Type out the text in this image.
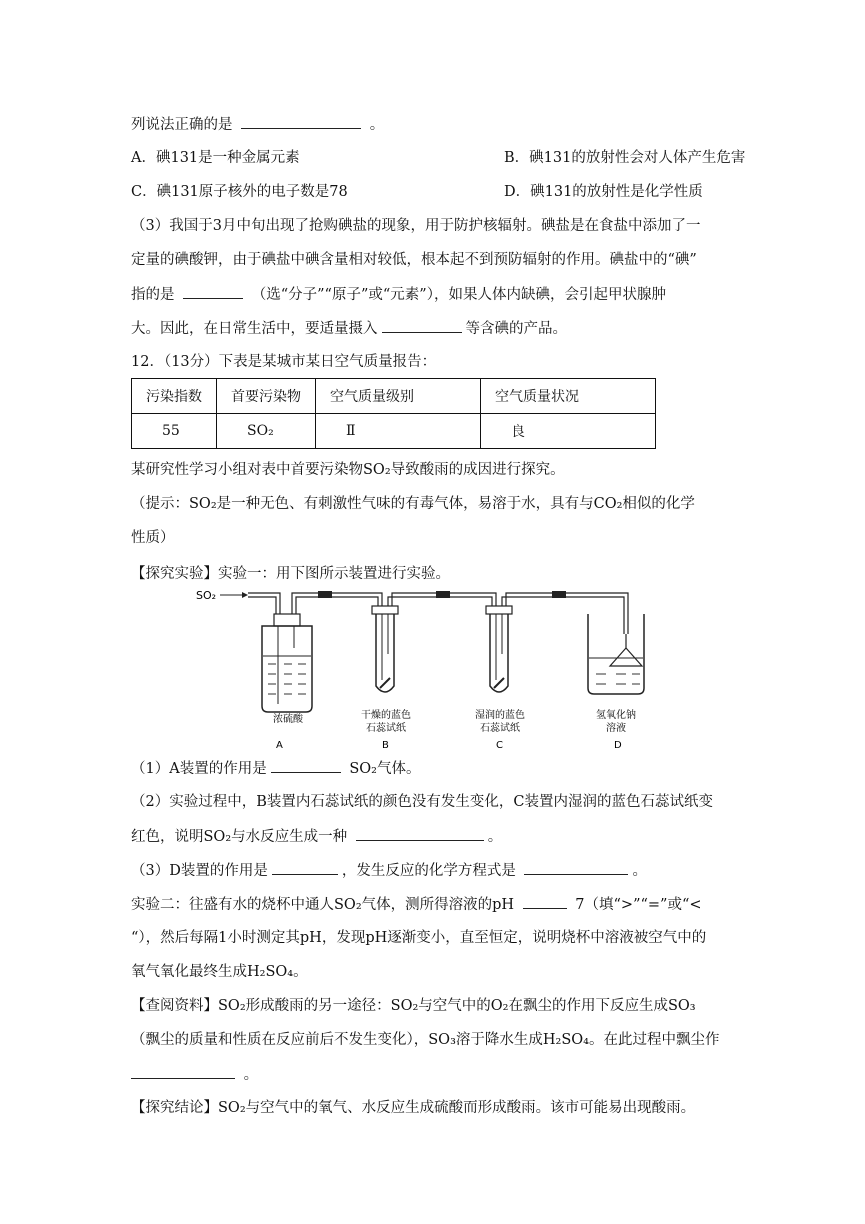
列说法正确的是	。
A．碘131是一种金属元素	B．碘131的放射性会对人体产生危害
C．碘131原子核外的电子数是78	D．碘131的放射性是化学性质
（3）我国于3月中旬出现了抢购碘盐的现象，用于防护核辐射。碘盐是在食盐中添加了一
定量的碘酸钾，由于碘盐中碘含量相对较低，根本起不到预防辐射的作用。碘盐中的“碘”
指的是	（选“分子”“原子”或“元素”），如果人体内缺碘，会引起甲状腺肿
大。因此，在日常生活中，要适量摄入	等含碘的产品。
12．（13分）下表是某城市某日空气质量报告：
污染指数	首要污染物	空气质量级别	空气质量状况
55	SO₂	Ⅱ	良
某研究性学习小组对表中首要污染物SO₂导致酸雨的成因进行探究。
（提示：SO₂是一种无色、有刺激性气味的有毒气体，易溶于水，具有与CO₂相似的化学
性质）
【探究实验】实验一：用下图所示装置进行实验。
SO₂
浓硫酸	干燥的蓝色石蕊试纸
湿润的蓝色石蕊试纸
氢氧化钠溶液
A	B	C	D
（1）A装置的作用是	SO₂气体。
（2）实验过程中，B装置内石蕊试纸的颜色没有发生变化，C装置内湿润的蓝色石蕊试纸变
红色，说明SO₂与水反应生成一种	。
（3）D装置的作用是	，发生反应的化学方程式是	。
实验二：往盛有水的烧杯中通人SO₂气体，测所得溶液的pH	7（填“>”“=”或“<
“），然后每隔1小时测定其pH，发现pH逐渐变小，直至恒定，说明烧杯中溶液被空气中的
氧气氧化最终生成H₂SO₄。
【查阅资料】SO₂形成酸雨的另一途径：SO₂与空气中的O₂在飘尘的作用下反应生成SO₃
（飘尘的质量和性质在反应前后不发生变化），SO₃溶于降水生成H₂SO₄。在此过程中飘尘作
。
【探究结论】SO₂与空气中的氧气、水反应生成硫酸而形成酸雨。该市可能易出现酸雨。
